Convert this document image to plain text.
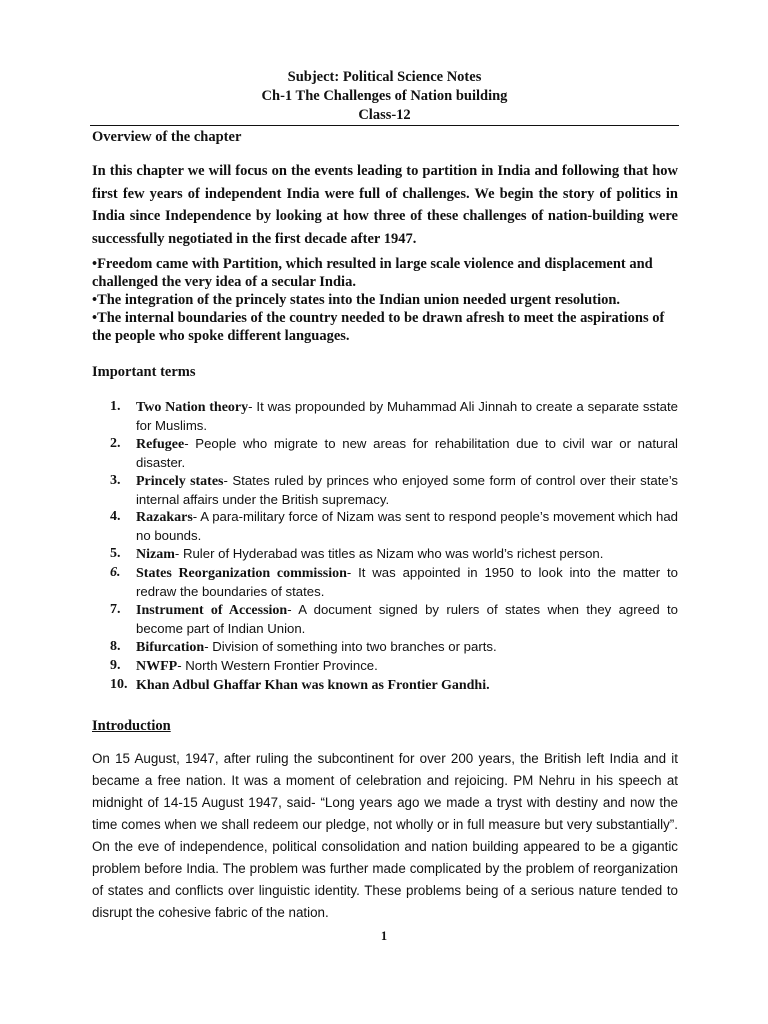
Subject: Political Science Notes
Ch-1 The Challenges of Nation building
Class-12
Overview of the chapter
In this chapter we will focus on the events leading to partition in India and following that how first few years of independent India were full of challenges. We begin the story of politics in India since Independence by looking at how three of these challenges of nation-building were successfully negotiated in the first decade after 1947.

•Freedom came with Partition, which resulted in large scale violence and displacement and challenged the very idea of a secular India.

•The integration of the princely states into the Indian union needed urgent resolution.

•The internal boundaries of the country needed to be drawn afresh to meet the aspirations of the people who spoke different languages.

Important terms
1. Two Nation theory- It was propounded by Muhammad Ali Jinnah to create a separate sstate for Muslims.
2. Refugee- People who migrate to new areas for rehabilitation due to civil war or natural disaster.
3. Princely states- States ruled by princes who enjoyed some form of control over their state’s internal affairs under the British supremacy.
4. Razakars- A para-military force of Nizam was sent to respond people’s movement which had no bounds.
5. Nizam- Ruler of Hyderabad was titles as Nizam who was world’s richest person.
6. States Reorganization commission- It was appointed in 1950 to look into the matter to redraw the boundaries of states.
7. Instrument of Accession- A document signed by rulers of states when they agreed to become part of Indian Union.
8. Bifurcation- Division of something into two branches or parts.
9. NWFP- North Western Frontier Province.
10. Khan Adbul Ghaffar Khan was known as Frontier Gandhi.
Introduction
On 15 August, 1947, after ruling the subcontinent for over 200 years, the British left India and it became a free nation. It was a moment of celebration and rejoicing. PM Nehru in his speech at midnight of 14-15 August 1947, said- “Long years ago we made a tryst with destiny and now the time comes when we shall redeem our pledge, not wholly or in full measure but very substantially”. On the eve of independence, political consolidation and nation building appeared to be a gigantic problem before India. The problem was further made complicated by the problem of reorganization of states and conflicts over linguistic identity. These problems being of a serious nature tended to disrupt the cohesive fabric of the nation.
1
